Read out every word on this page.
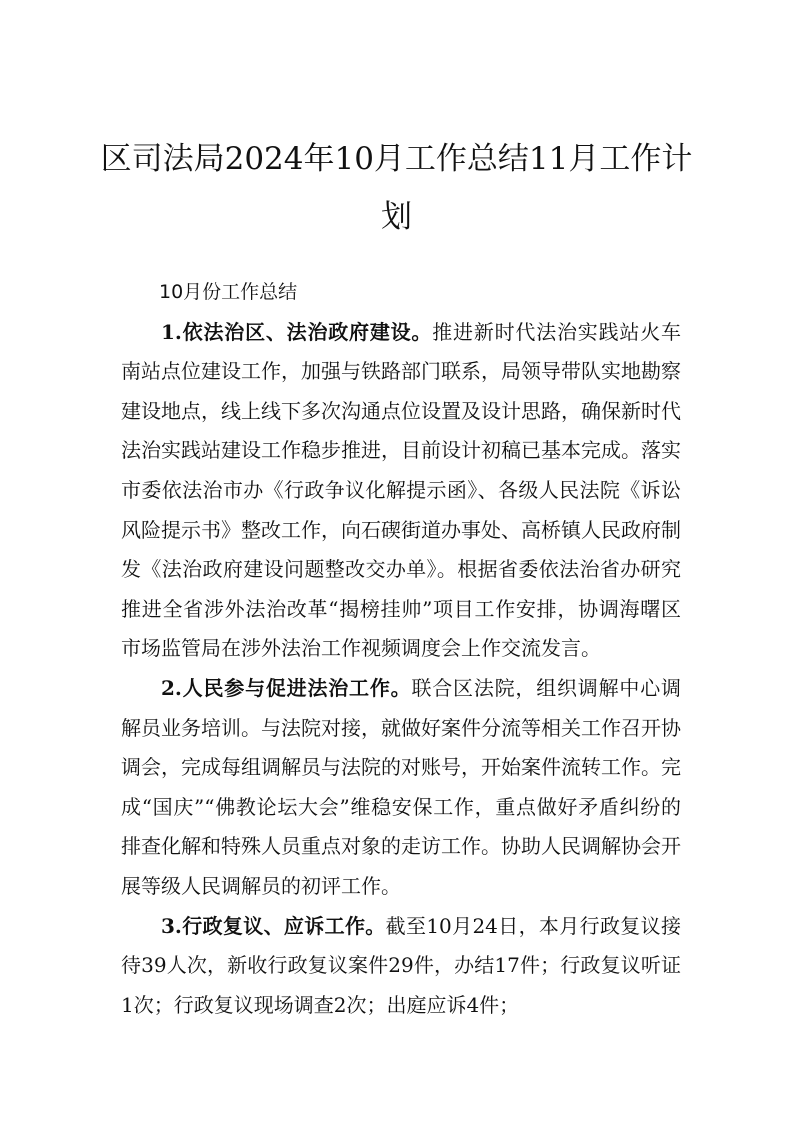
区司法局2024年10月工作总结11月工作计划

10月份工作总结

1.依法治区、法治政府建设。推进新时代法治实践站火车南站点位建设工作，加强与铁路部门联系，局领导带队实地勘察建设地点，线上线下多次沟通点位设置及设计思路，确保新时代法治实践站建设工作稳步推进，目前设计初稿已基本完成。落实市委依法治市办《行政争议化解提示函》、各级人民法院《诉讼风险提示书》整改工作，向石碶街道办事处、高桥镇人民政府制发《法治政府建设问题整改交办单》。根据省委依法治省办研究推进全省涉外法治改革“揭榜挂帅”项目工作安排，协调海曙区市场监管局在涉外法治工作视频调度会上作交流发言。

2.人民参与促进法治工作。联合区法院，组织调解中心调解员业务培训。与法院对接，就做好案件分流等相关工作召开协调会，完成每组调解员与法院的对账号，开始案件流转工作。完成“国庆”“佛教论坛大会”维稳安保工作，重点做好矛盾纠纷的排查化解和特殊人员重点对象的走访工作。协助人民调解协会开展等级人民调解员的初评工作。

3.行政复议、应诉工作。截至10月24日，本月行政复议接待39人次，新收行政复议案件29件，办结17件；行政复议听证1次；行政复议现场调查2次；出庭应诉4件；
